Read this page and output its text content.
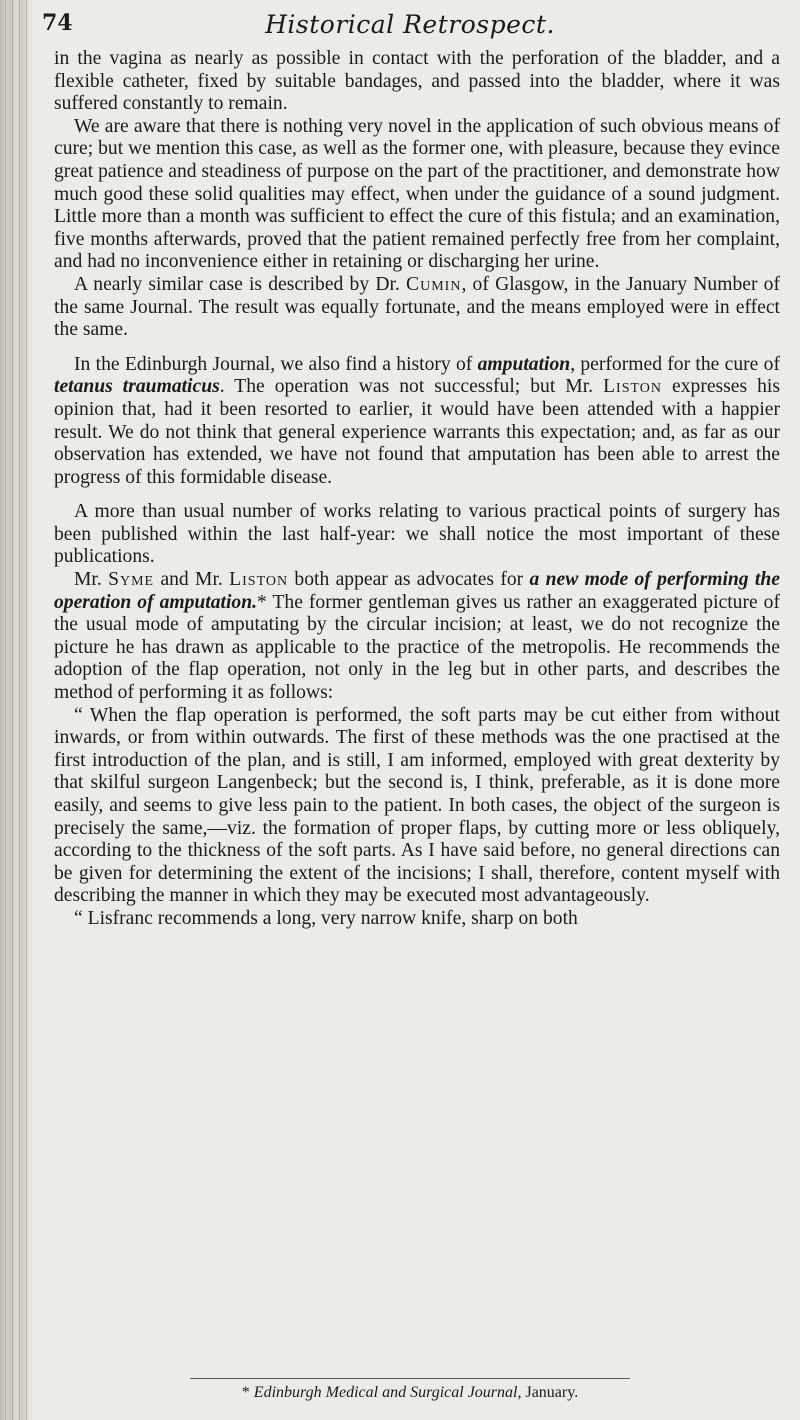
74	Historical Retrospect.

in the vagina as nearly as possible in contact with the perforation of the bladder, and a flexible catheter, fixed by suitable bandages, and passed into the bladder, where it was suffered constantly to remain.

We are aware that there is nothing very novel in the application of such obvious means of cure; but we mention this case, as well as the former one, with pleasure, because they evince great patience and steadiness of purpose on the part of the practitioner, and demonstrate how much good these solid qualities may effect, when under the guidance of a sound judgment. Little more than a month was sufficient to effect the cure of this fistula; and an examination, five months afterwards, proved that the patient remained perfectly free from her complaint, and had no inconvenience either in retaining or discharging her urine.

A nearly similar case is described by Dr. Cumin, of Glasgow, in the January Number of the same Journal. The result was equally fortunate, and the means employed were in effect the same.

In the Edinburgh Journal, we also find a history of amputation, performed for the cure of tetanus traumaticus. The operation was not successful; but Mr. Liston expresses his opinion that, had it been resorted to earlier, it would have been attended with a happier result. We do not think that general experience warrants this expectation; and, as far as our observation has extended, we have not found that amputation has been able to arrest the progress of this formidable disease.

A more than usual number of works relating to various practical points of surgery has been published within the last half-year: we shall notice the most important of these publications.

Mr. Syme and Mr. Liston both appear as advocates for a new mode of performing the operation of amputation.* The former gentleman gives us rather an exaggerated picture of the usual mode of amputating by the circular incision; at least, we do not recognize the picture he has drawn as applicable to the practice of the metropolis. He recommends the adoption of the flap operation, not only in the leg but in other parts, and describes the method of performing it as follows:

“ When the flap operation is performed, the soft parts may be cut either from without inwards, or from within outwards. The first of these methods was the one practised at the first introduction of the plan, and is still, I am informed, employed with great dexterity by that skilful surgeon Langenbeck; but the second is, I think, preferable, as it is done more easily, and seems to give less pain to the patient. In both cases, the object of the surgeon is precisely the same,—viz. the formation of proper flaps, by cutting more or less obliquely, according to the thickness of the soft parts. As I have said before, no general directions can be given for determining the extent of the incisions; I shall, therefore, content myself with describing the manner in which they may be executed most advantageously.

“ Lisfranc recommends a long, very narrow knife, sharp on both

* Edinburgh Medical and Surgical Journal, January.
